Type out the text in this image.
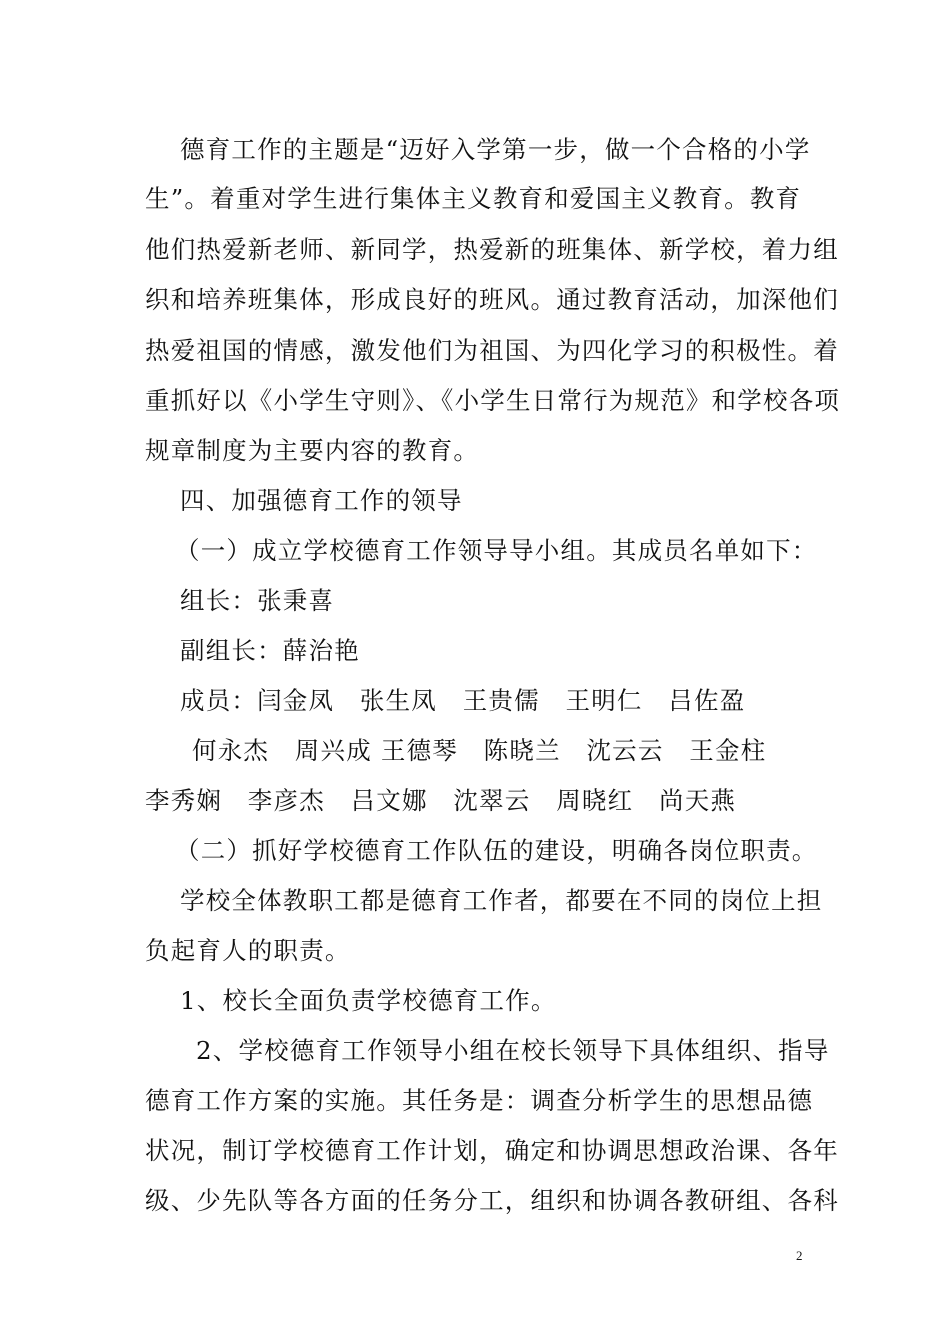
德育工作的主题是“迈好入学第一步，做一个合格的小学
生”。着重对学生进行集体主义教育和爱国主义教育。教育
他们热爱新老师、新同学，热爱新的班集体、新学校，着力组
织和培养班集体，形成良好的班风。通过教育活动，加深他们
热爱祖国的情感，激发他们为祖国、为四化学习的积极性。着
重抓好以《小学生守则》、《小学生日常行为规范》和学校各项
规章制度为主要内容的教育。
四、加强德育工作的领导
（一）成立学校德育工作领导导小组。其成员名单如下：
组长：张秉喜
副组长：薛治艳
成员：闫金凤　张生凤　王贵儒　王明仁　吕佐盈
何永杰　周兴成 王德琴　陈晓兰　沈云云　王金柱
李秀娴　李彦杰　吕文娜　沈翠云　周晓红　尚天燕
（二）抓好学校德育工作队伍的建设，明确各岗位职责。
学校全体教职工都是德育工作者，都要在不同的岗位上担
负起育人的职责。
1、校长全面负责学校德育工作。
2、学校德育工作领导小组在校长领导下具体组织、指导
德育工作方案的实施。其任务是：调查分析学生的思想品德
状况，制订学校德育工作计划，确定和协调思想政治课、各年
级、少先队等各方面的任务分工，组织和协调各教研组、各科
2
